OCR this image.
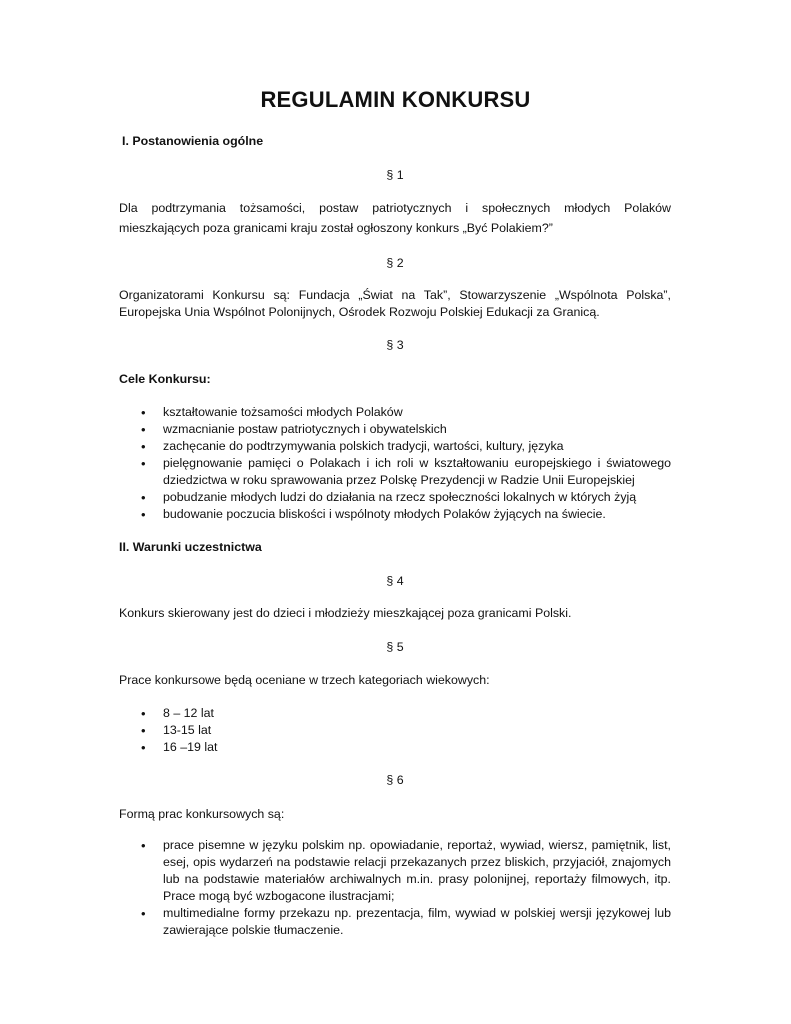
REGULAMIN KONKURSU
I. Postanowienia ogólne
§ 1
Dla podtrzymania tożsamości, postaw patriotycznych i społecznych młodych Polaków mieszkających poza granicami kraju został ogłoszony konkurs „Być Polakiem?”
§ 2
Organizatorami Konkursu są: Fundacja „Świat na Tak”, Stowarzyszenie „Wspólnota Polska”, Europejska Unia Wspólnot Polonijnych, Ośrodek Rozwoju Polskiej Edukacji za Granicą.
§ 3
Cele Konkursu:
• kształtowanie tożsamości młodych Polaków
• wzmacnianie postaw patriotycznych i obywatelskich
• zachęcanie do podtrzymywania polskich tradycji, wartości, kultury, języka
• pielęgnowanie pamięci o Polakach i ich roli w kształtowaniu europejskiego i światowego dziedzictwa w roku sprawowania przez Polskę Prezydencji w Radzie Unii Europejskiej
• pobudzanie młodych ludzi do działania na rzecz społeczności lokalnych w których żyją
• budowanie poczucia bliskości i wspólnoty młodych Polaków żyjących na świecie.
II. Warunki uczestnictwa
§ 4
Konkurs skierowany jest do dzieci i młodzieży mieszkającej poza granicami Polski.
§ 5
Prace konkursowe będą oceniane w trzech kategoriach wiekowych:
• 8 – 12 lat
• 13-15 lat
• 16 –19 lat
§ 6
Formą prac konkursowych są:
• prace pisemne w języku polskim np. opowiadanie, reportaż, wywiad, wiersz, pamiętnik, list, esej, opis wydarzeń na podstawie relacji przekazanych przez bliskich, przyjaciół, znajomych lub na podstawie materiałów archiwalnych m.in. prasy polonijnej, reportaży filmowych, itp. Prace mogą być wzbogacone ilustracjami;
• multimedialne formy przekazu np. prezentacja, film, wywiad w polskiej wersji językowej lub zawierające polskie tłumaczenie.
